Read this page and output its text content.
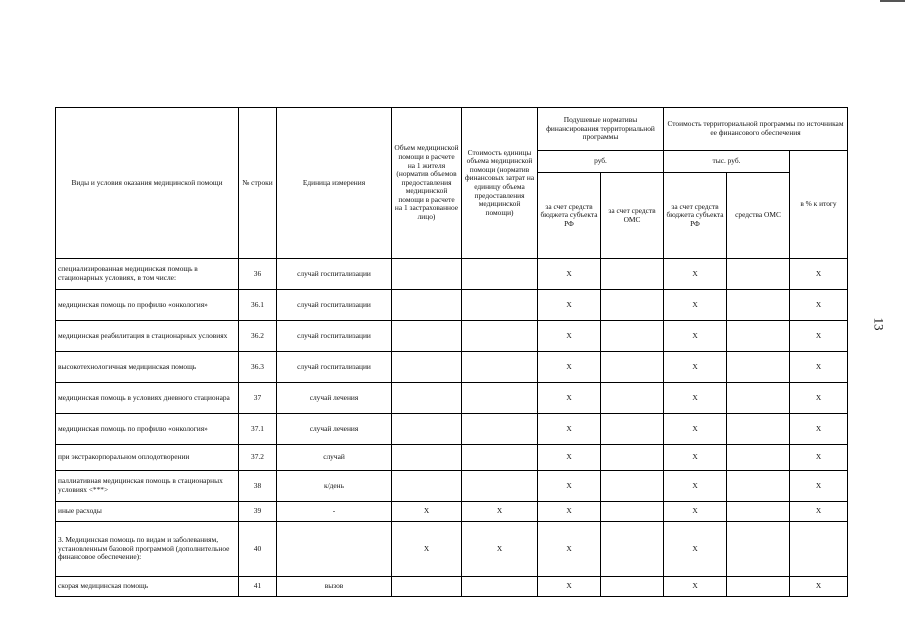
13
Виды и условия оказания медицинской помощи	№ строки	Единица измерения	Объем медицинской помощи в расчете на 1 жителя (норматив объемов предоставления медицинской помощи в расчете на 1 застрахованное лицо)	Стоимость единицы объема медицинской помощи (норматив финансовых затрат на единицу объема предоставления медицинской помощи)	Подушевые нормативы финансирования территориальной программы		Стоимость территориальной программы по источникам ее финансового обеспечения		
					руб.		тыс. руб.		в % к итогу
					за счет средств бюджета субъекта РФ	за счет средств ОМС	за счет средств бюджета субъекта РФ	средства ОМС	
специализированная медицинская помощь в стационарных условиях, в том числе:	36	случай госпитализации			X		X		X
медицинская помощь по профилю «онкология»	36.1	случай госпитализации			X		X		X
медицинская реабилитация в стационарных условиях	36.2	случай госпитализации			X		X		X
высокотехнологичная медицинская помощь	36.3	случай госпитализации			X		X		X
медицинская помощь в условиях дневного стационара	37	случай лечения			X		X		X
медицинская помощь по профилю «онкология»	37.1	случай лечения			X		X		X
при экстракорпоральном оплодотворении	37.2	случай			X		X		X
паллиативная медицинская помощь в стационарных условиях <***>	38	к/день			X		X		X
иные расходы	39	-	X	X	X		X		X
3. Медицинская помощь по видам и заболеваниям, установленным базовой программой (дополнительное финансовое обеспечение):	40		X	X	X		X		
скорая медицинская помощь	41	вызов			X		X		X
